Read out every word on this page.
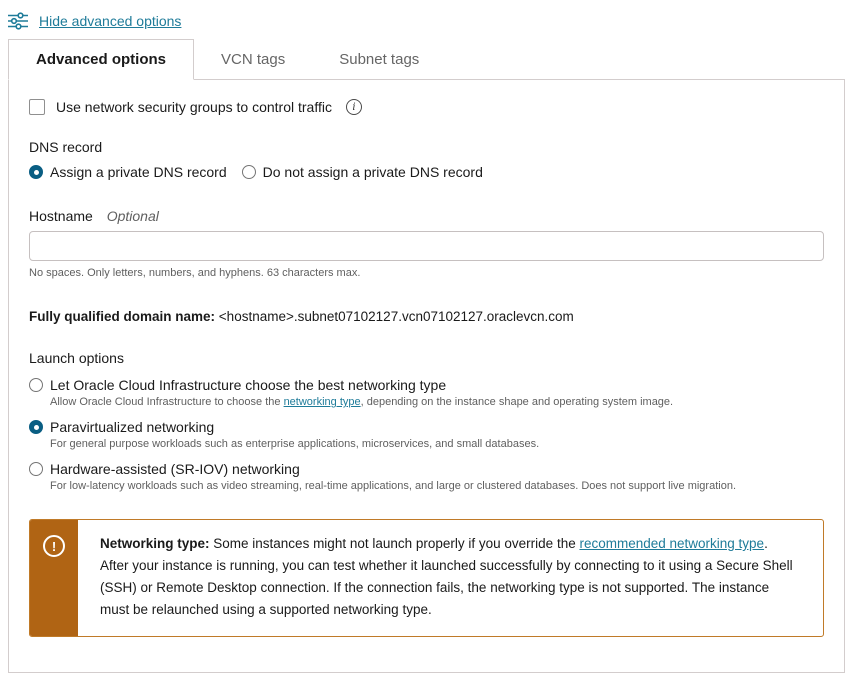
Hide advanced options
Advanced options	VCN tags	Subnet tags
Use network security groups to control traffic	i
DNS record
Assign a private DNS record	Do not assign a private DNS record
Hostname Optional
No spaces. Only letters, numbers, and hyphens. 63 characters max.
Fully qualified domain name: <hostname>.subnet07102127.vcn07102127.oraclevcn.com
Launch options
Let Oracle Cloud Infrastructure choose the best networking type
Allow Oracle Cloud Infrastructure to choose the networking type, depending on the instance shape and operating system image.
Paravirtualized networking
For general purpose workloads such as enterprise applications, microservices, and small databases.
Hardware-assisted (SR-IOV) networking
For low-latency workloads such as video streaming, real-time applications, and large or clustered databases. Does not support live migration.
!	Networking type: Some instances might not launch properly if you override the recommended networking type. After your instance is running, you can test whether it launched successfully by connecting to it using a Secure Shell (SSH) or Remote Desktop connection. If the connection fails, the networking type is not supported. The instance must be relaunched using a supported networking type.
